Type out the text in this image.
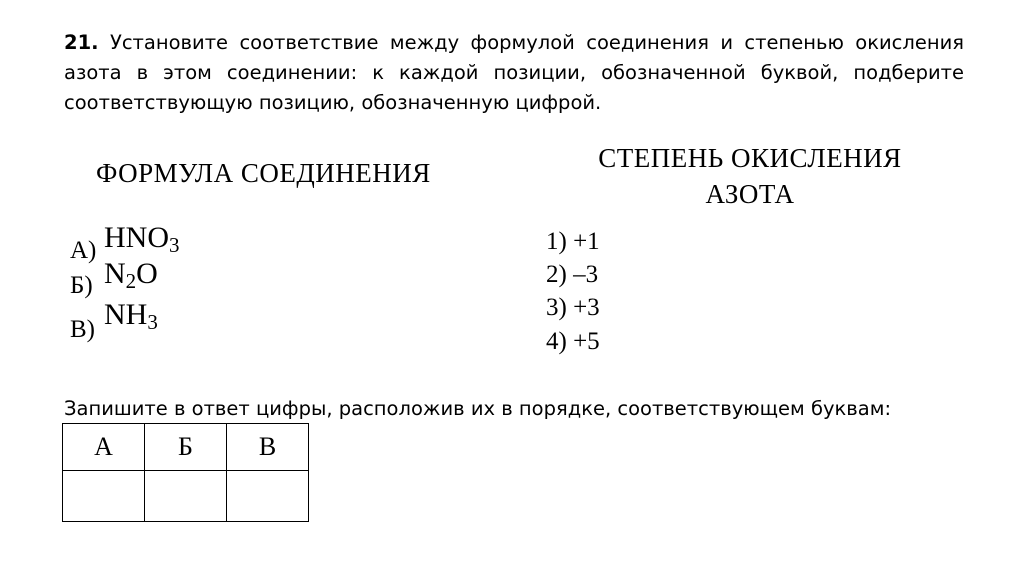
21. Установите соответствие между формулой соединения и степенью окисления азота в этом соединении: к каждой позиции, обозначенной буквой, подберите соответствующую позицию, обозначенную цифрой.
ФОРМУЛА СОЕДИНЕНИЯ	СТЕПЕНЬ ОКИСЛЕНИЯ
АЗОТА
А) $HNO_3$
Б) $N_2O$
В) $NH_3$
1) +1
2) –3
3) +3
4) +5
Запишите в ответ цифры, расположив их в порядке, соответствующем буквам:
А	Б	В
